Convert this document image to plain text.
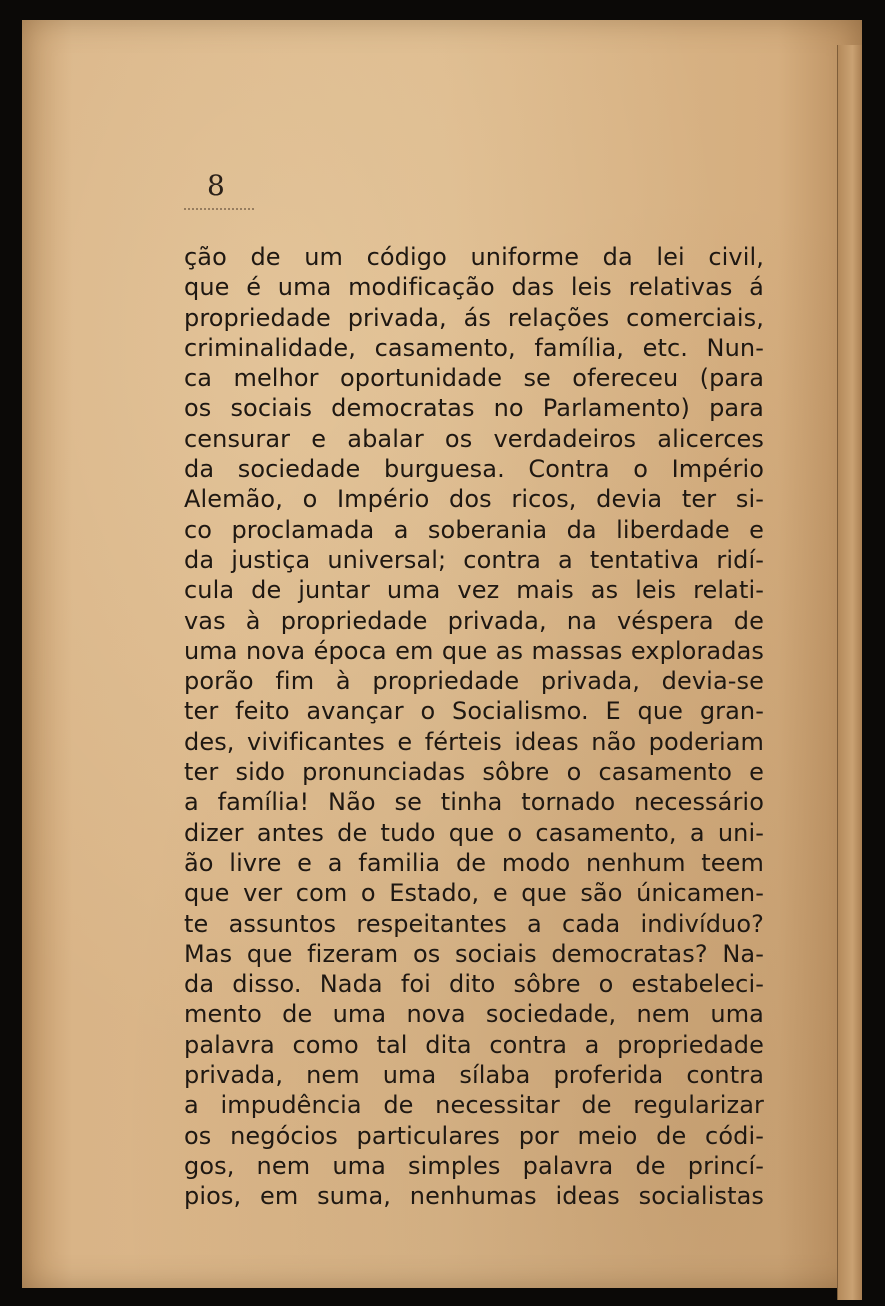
8

ção de um código uniforme da lei civil,
que é uma modificação das leis relativas á
propriedade privada, ás relações comerciais,
criminalidade, casamento, família, etc. Nun-
ca melhor oportunidade se ofereceu (para
os sociais democratas no Parlamento) para
censurar e abalar os verdadeiros alicerces
da sociedade burguesa. Contra o Império
Alemão, o Império dos ricos, devia ter si-
co proclamada a soberania da liberdade e
da justiça universal; contra a tentativa ridí-
cula de juntar uma vez mais as leis relati-
vas à propriedade privada, na véspera de
uma nova época em que as massas exploradas
porão fim à propriedade privada, devia-se
ter feito avançar o Socialismo. E que gran-
des, vivificantes e férteis ideas não poderiam
ter sido pronunciadas sôbre o casamento e
a família! Não se tinha tornado necessário
dizer antes de tudo que o casamento, a uni-
ão livre e a familia de modo nenhum teem
que ver com o Estado, e que são únicamen-
te assuntos respeitantes a cada indivíduo?
Mas que fizeram os sociais democratas? Na-
da disso. Nada foi dito sôbre o estabeleci-
mento de uma nova sociedade, nem uma
palavra como tal dita contra a propriedade
privada, nem uma sílaba proferida contra
a impudência de necessitar de regularizar
os negócios particulares por meio de códi-
gos, nem uma simples palavra de princí-
pios, em suma, nenhumas ideas socialistas
